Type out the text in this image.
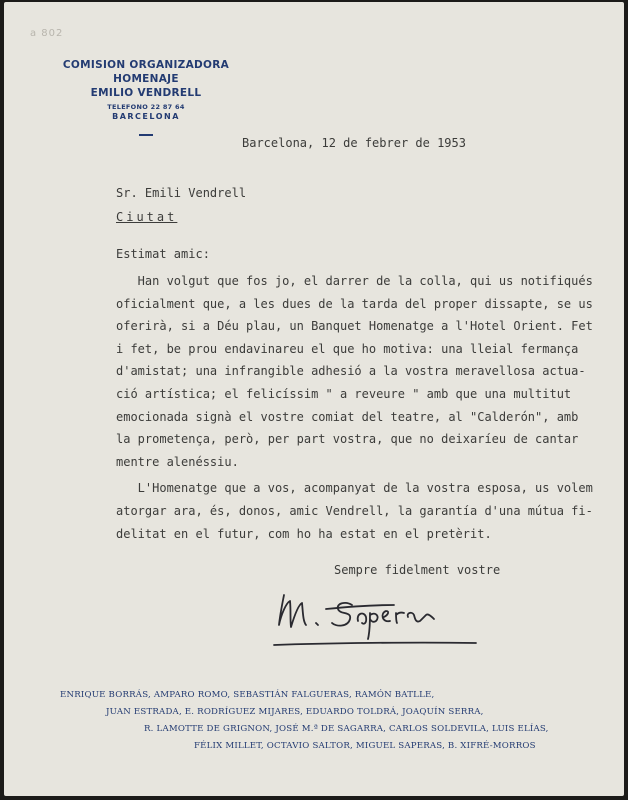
a 802
COMISION ORGANIZADORA
HOMENAJE
EMILIO VENDRELL
TELEFONO 22 87 64
BARCELONA
Barcelona, 12 de febrer de 1953
Sr. Emili Vendrell
Ciutat
Estimat amic:
Han volgut que fos jo, el darrer de la colla, qui us notifiqués
oficialment que, a les dues de la tarda del proper dissapte, se us
oferirà, si a Déu plau, un Banquet Homenatge a l'Hotel Orient. Fet
i fet, be prou endavinareu el que ho motiva: una lleial fermança
d'amistat; una infrangible adhesió a la vostra meravellosa actua-
ció artística; el felicíssim " a reveure " amb que una multitut
emocionada signà el vostre comiat del teatre, al "Calderón", amb
la prometença, però, per part vostra, que no deixaríeu de cantar
mentre alenéssiu.
L'Homenatge que a vos, acompanyat de la vostra esposa, us volem
atorgar ara, és, donos, amic Vendrell, la garantía d'una mútua fi-
delitat en el futur, com ho ha estat en el pretèrit.
Sempre fidelment vostre
ENRIQUE BORRÁS, AMPARO ROMO, SEBASTIÁN FALGUERAS, RAMÓN BATLLE,
JUAN ESTRADA, E. RODRÍGUEZ MIJARES, EDUARDO TOLDRÁ, JOAQUÍN SERRA,
R. LAMOTTE DE GRIGNON, JOSÉ M.ª DE SAGARRA, CARLOS SOLDEVILA, LUIS ELÍAS,
FÉLIX MILLET, OCTAVIO SALTOR, MIGUEL SAPERAS, B. XIFRÉ-MORROS
